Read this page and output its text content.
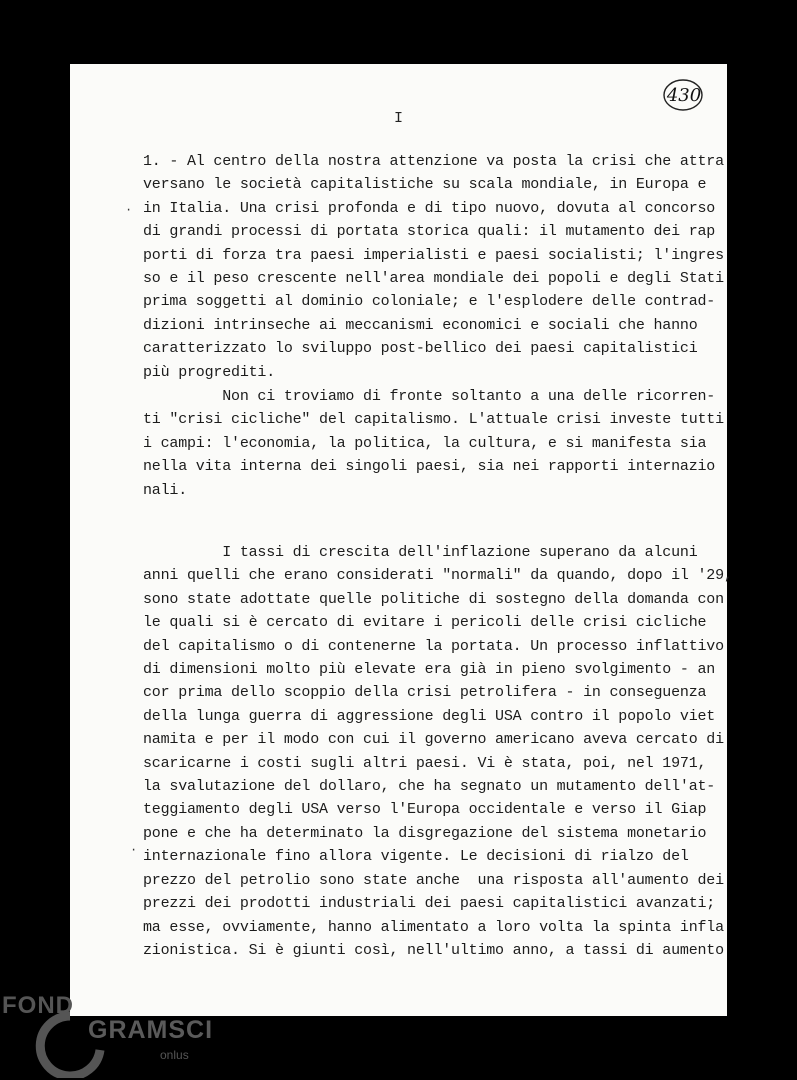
430
I
1. - Al centro della nostra attenzione va posta la crisi che attra
versano le società capitalistiche su scala mondiale, in Europa e
in Italia. Una crisi profonda e di tipo nuovo, dovuta al concorso
di grandi processi di portata storica quali: il mutamento dei rap
porti di forza tra paesi imperialisti e paesi socialisti; l'ingres
so e il peso crescente nell'area mondiale dei popoli e degli Stati
prima soggetti al dominio coloniale; e l'esplodere delle contrad-
dizioni intrinseche ai meccanismi economici e sociali che hanno
caratterizzato lo sviluppo post-bellico dei paesi capitalistici
più progrediti.
Non ci troviamo di fronte soltanto a una delle ricorren-
ti "crisi cicliche" del capitalismo. L'attuale crisi investe tutti
i campi: l'economia, la politica, la cultura, e si manifesta sia
nella vita interna dei singoli paesi, sia nei rapporti internazio
nali.
I tassi di crescita dell'inflazione superano da alcuni
anni quelli che erano considerati "normali" da quando, dopo il '29,
sono state adottate quelle politiche di sostegno della domanda con
le quali si è cercato di evitare i pericoli delle crisi cicliche
del capitalismo o di contenerne la portata. Un processo inflattivo
di dimensioni molto più elevate era già in pieno svolgimento - an
cor prima dello scoppio della crisi petrolifera - in conseguenza
della lunga guerra di aggressione degli USA contro il popolo viet
namita e per il modo con cui il governo americano aveva cercato di
scaricarne i costi sugli altri paesi. Vi è stata, poi, nel 1971,
la svalutazione del dollaro, che ha segnato un mutamento dell'at-
teggiamento degli USA verso l'Europa occidentale e verso il Giap
pone e che ha determinato la disgregazione del sistema monetario
internazionale fino allora vigente. Le decisioni di rialzo del
prezzo del petrolio sono state anche  una risposta all'aumento dei
prezzi dei prodotti industriali dei paesi capitalistici avanzati;
ma esse, ovviamente, hanno alimentato a loro volta la spinta infla
zionistica. Si è giunti così, nell'ultimo anno, a tassi di aumento
·
·
FOND
GRAMSCI
onlus
